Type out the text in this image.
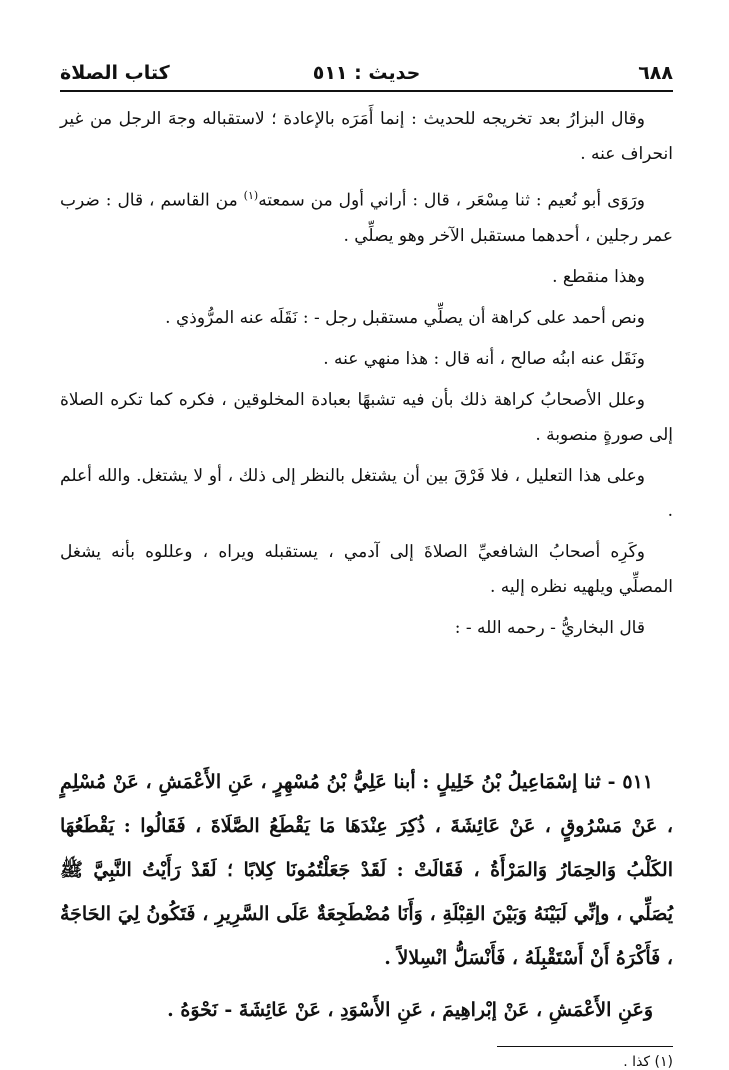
٦٨٨
حديث : ٥١١
كتاب الصلاة

وقال البزارُ بعد تخريجه للحديث : إنما أَمَرَه بالإعادة ؛ لاستقباله وجهَ الرجل من غير انحراف عنه .

ورَوَى أبو نُعيم : ثنا مِسْعَر ، قال : أراني أول من سمعته$^{(١)}$ من القاسم ، قال : ضرب عمر رجلين ، أحدهما مستقبل الآخر وهو يصلِّي .

وهذا منقطع .

ونص أحمد على كراهة أن يصلِّي مستقبل رجل - : نَقَلَه عنه المرُّوذي .

ونَقَل عنه ابنُه صالح ، أنه قال : هذا منهي عنه .

وعلل الأصحابُ كراهة ذلك بأن فيه تشبهًا بعبادة المخلوقين ، فكره كما تكره الصلاة إلى صورةٍ منصوبة .

وعلى هذا التعليل ، فلا فَرْقَ بين أن يشتغل بالنظر إلى ذلك ، أو لا يشتغل. والله أعلم .

وكَرِه أصحابُ الشافعيِّ الصلاةَ إلى آدمي ، يستقبله ويراه ، وعللوه بأنه يشغل المصلِّي ويلهيه نظره إليه .

قال البخاريُّ - رحمه الله - :

٥١١ - ثنا إسْمَاعِيلُ بْنُ خَلِيلٍ : أبنا عَلِيُّ بْنُ مُسْهِرٍ ، عَنِ الأَعْمَشِ ، عَنْ مُسْلِمٍ ، عَنْ مَسْرُوقٍ ، عَنْ عَائِشَةَ ، ذُكِرَ عِنْدَهَا مَا يَقْطَعُ الصَّلَاةَ ، فَقَالُوا : يَقْطَعُهَا الكَلْبُ وَالحِمَارُ وَالمَرْأَةُ ، فَقَالَتْ : لَقَدْ جَعَلْتُمُونَا كِلابًا ؛ لَقَدْ رَأَيْتُ النَّبِيَّ ﷺ يُصَلِّي ، وإنِّي لَبَيْنَهُ وَبَيْنَ القِبْلَةِ ، وَأَنَا مُضْطَجِعَةٌ عَلَى السَّرِيرِ ، فَتَكُونُ لِيَ الحَاجَةُ ، فَأَكْرَهُ أَنْ أَسْتَقْبِلَهُ ، فَأَنْسَلُّ انْسِلالاً .

وَعَنِ الأَعْمَشِ ، عَنْ إبْراهِيمَ ، عَنِ الأَسْوَدِ ، عَنْ عَائِشَةَ - نَحْوَهُ .

(١) كذا .
